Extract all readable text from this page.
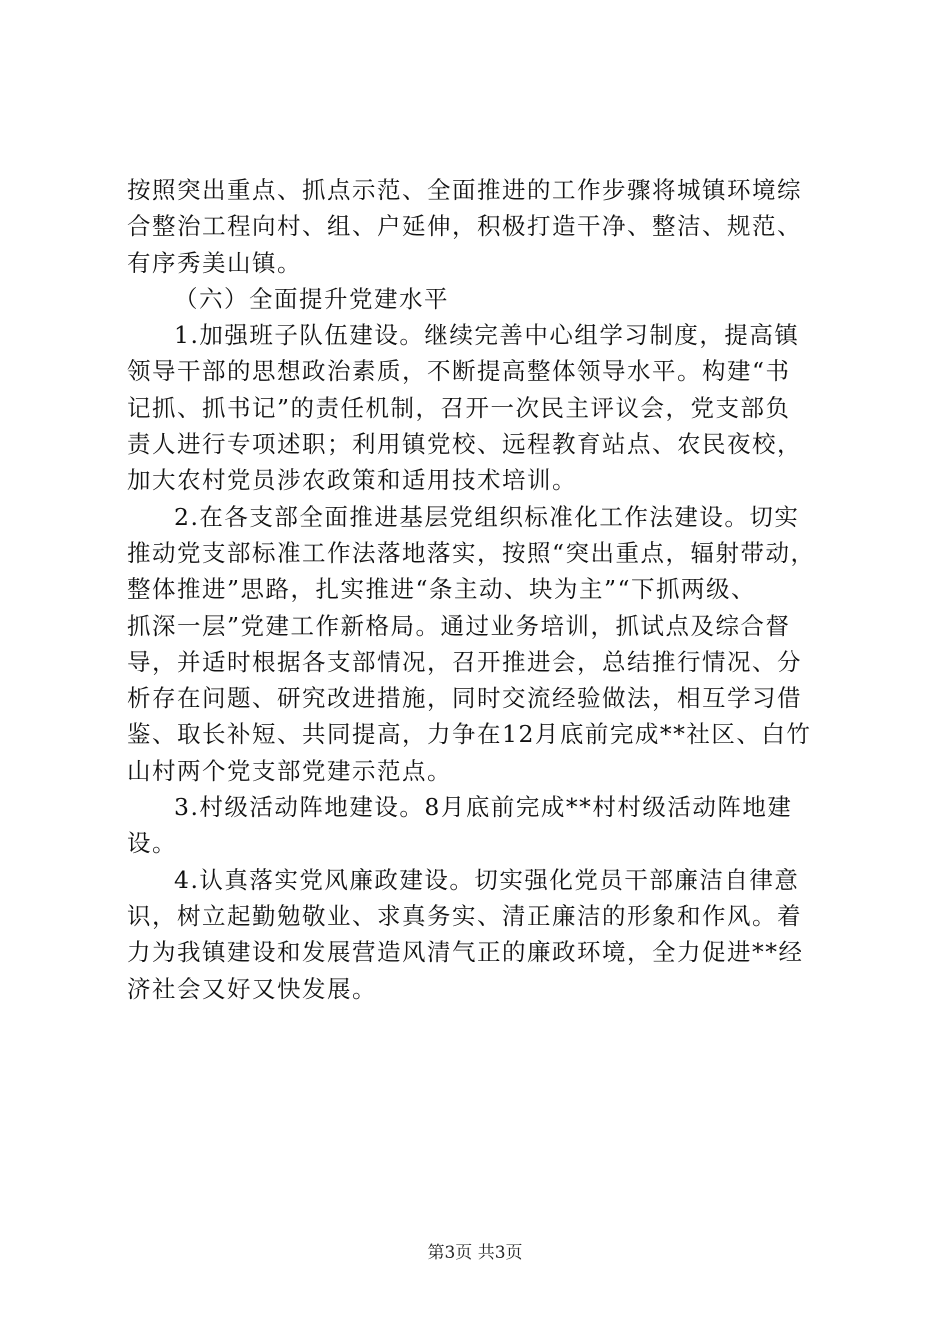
按照突出重点、抓点示范、全面推进的工作步骤将城镇环境综
合整治工程向村、组、户延伸，积极打造干净、整洁、规范、
有序秀美山镇。
（六）全面提升党建水平
1.加强班子队伍建设。继续完善中心组学习制度，提高镇
领导干部的思想政治素质，不断提高整体领导水平。构建“书
记抓、抓书记”的责任机制，召开一次民主评议会，党支部负
责人进行专项述职；利用镇党校、远程教育站点、农民夜校，
加大农村党员涉农政策和适用技术培训。
2.在各支部全面推进基层党组织标准化工作法建设。切实
推动党支部标准工作法落地落实，按照“突出重点，辐射带动，
整体推进”思路，扎实推进“条主动、块为主”“下抓两级、
抓深一层”党建工作新格局。通过业务培训，抓试点及综合督
导，并适时根据各支部情况，召开推进会，总结推行情况、分
析存在问题、研究改进措施，同时交流经验做法，相互学习借
鉴、取长补短、共同提高，力争在12月底前完成**社区、白竹
山村两个党支部党建示范点。
3.村级活动阵地建设。8月底前完成**村村级活动阵地建
设。
4.认真落实党风廉政建设。切实强化党员干部廉洁自律意
识，树立起勤勉敬业、求真务实、清正廉洁的形象和作风。着
力为我镇建设和发展营造风清气正的廉政环境，全力促进**经
济社会又好又快发展。
第3页 共3页
